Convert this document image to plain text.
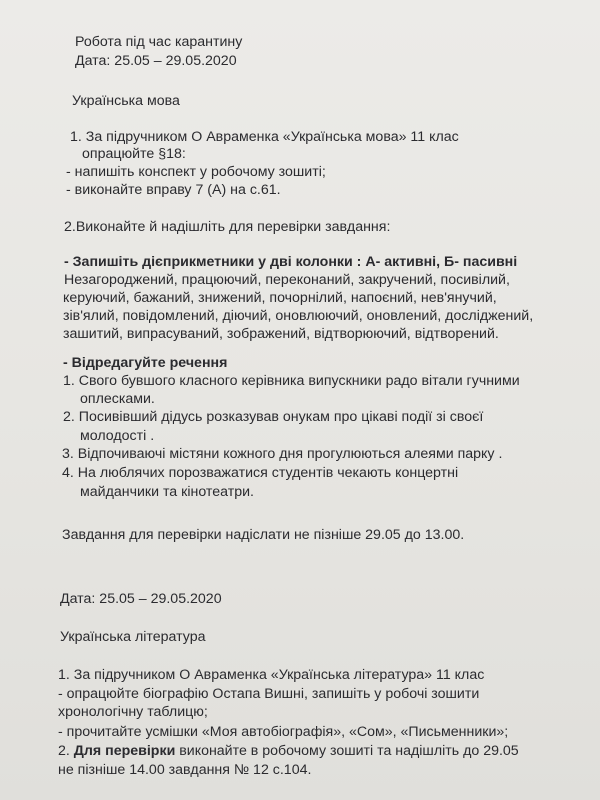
Робота під час карантину
Дата: 25.05 – 29.05.2020
Українська мова
1. За підручником О Авраменка «Українська мова» 11 клас
опрацюйте §18:
- напишіть конспект у робочому зошиті;
- виконайте вправу 7 (А) на с.61.
2.Виконайте й надішліть для перевірки завдання:
- Запишіть дієприкметники у дві колонки : А- активні, Б- пасивні
Незагороджений, працюючий, переконаний, закручений, посивілий,
керуючий, бажаний, знижений, почорнілий, напоєний, нев'янучий,
зів'ялий, повідомлений, діючий, оновлюючий, оновлений, досліджений,
зашитий, випрасуваний, зображений, відтворюючий, відтворений.
- Відредагуйте речення
1. Свого бувшого класного керівника випускники радо вітали гучними
оплесками.
2. Посивівший дідусь розказував онукам про цікаві події зі своєї
молодості .
3. Відпочиваючі містяни кожного дня прогулюються алеями парку .
4. На люблячих порозважатися студентів чекають концертні
майданчики та кінотеатри.
Завдання для перевірки надіслати не пізніше 29.05 до 13.00.
Дата: 25.05 – 29.05.2020
Українська література
1. За підручником О Авраменка «Українська література» 11 клас
- опрацюйте біографію Остапа Вишні, запишіть у робочі зошити
хронологічну таблицю;
- прочитайте усмішки «Моя автобіографія», «Сом», «Письменники»;
2. Для перевірки виконайте в робочому зошиті та надішліть до 29.05
не пізніше 14.00 завдання № 12 с.104.
